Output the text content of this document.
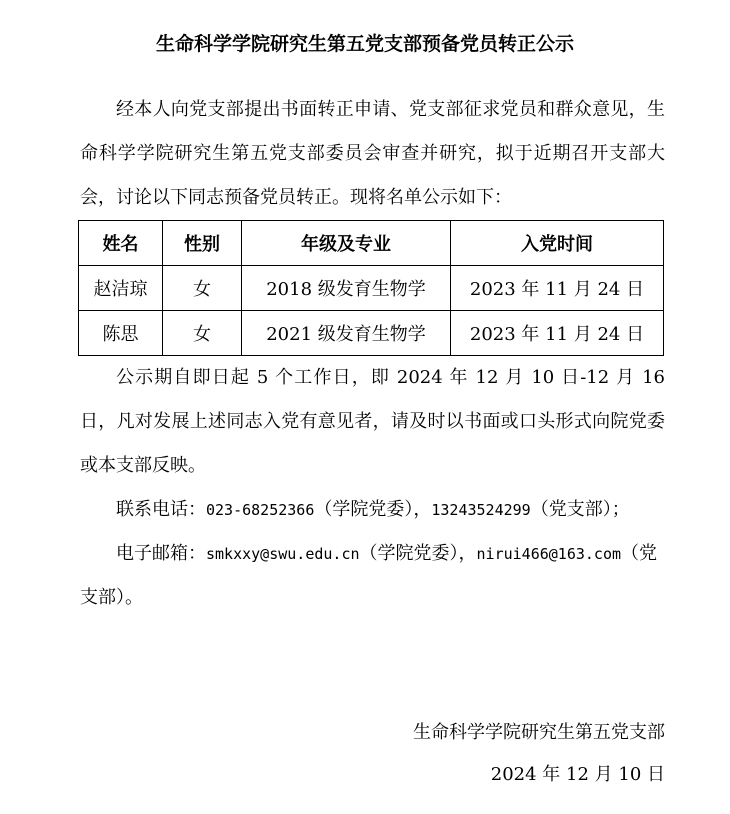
生命科学学院研究生第五党支部预备党员转正公示

经本人向党支部提出书面转正申请、党支部征求党员和群众意见，生命科学学院研究生第五党支部委员会审查并研究，拟于近期召开支部大会，讨论以下同志预备党员转正。现将名单公示如下：

姓名	性别	年级及专业	入党时间
赵洁琼	女	2018 级发育生物学	2023 年 11 月 24 日
陈思	女	2021 级发育生物学	2023 年 11 月 24 日

公示期自即日起 5 个工作日，即 2024 年 12 月 10 日-12 月 16 日，凡对发展上述同志入党有意见者，请及时以书面或口头形式向院党委或本支部反映。

联系电话：023-68252366（学院党委），13243524299（党支部）；
电子邮箱：smkxxy@swu.edu.cn（学院党委），nirui466@163.com（党
支部）。
生命科学学院研究生第五党支部
2024 年 12 月 10 日
